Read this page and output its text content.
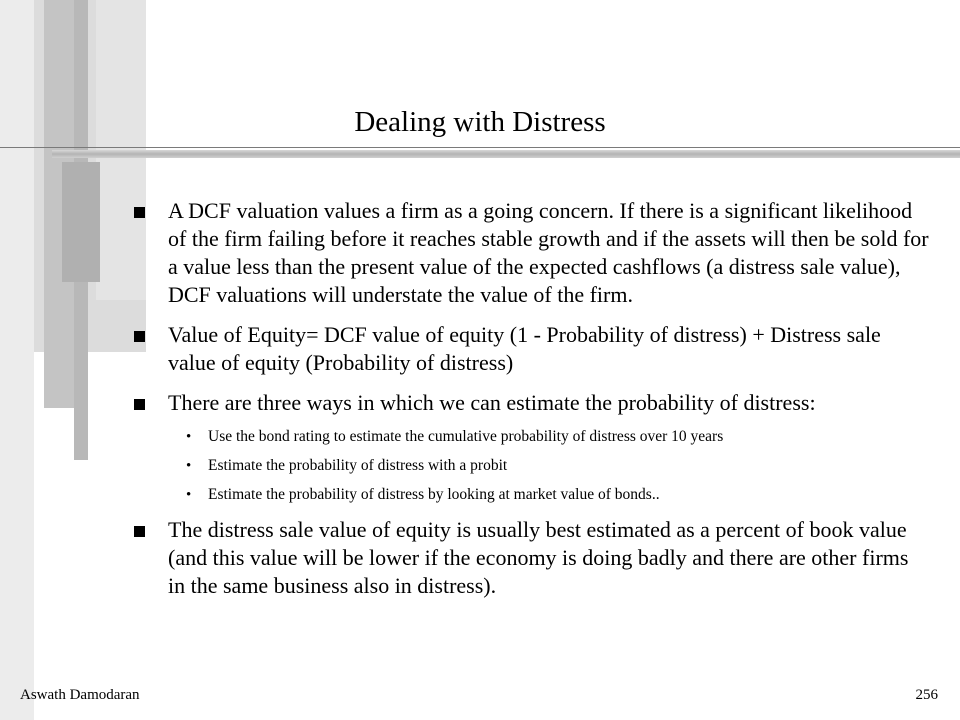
Dealing with Distress
A DCF valuation values a firm as a going concern. If there is a significant likelihood of the firm failing before it reaches stable growth and if the assets will then be sold for a value less than the present value of the expected cashflows (a distress sale value), DCF valuations will understate the value of the firm.
Value of Equity= DCF value of equity (1 - Probability of distress) + Distress sale value of equity (Probability of distress)
There are three ways in which we can estimate the probability of distress:
• Use the bond rating to estimate the cumulative probability of distress over 10 years
• Estimate the probability of distress with a probit
• Estimate the probability of distress by looking at market value of bonds..
The distress sale value of equity is usually best estimated as a percent of book value (and this value will be lower if the economy is doing badly and there are other firms in the same business also in distress).
Aswath Damodaran	256
